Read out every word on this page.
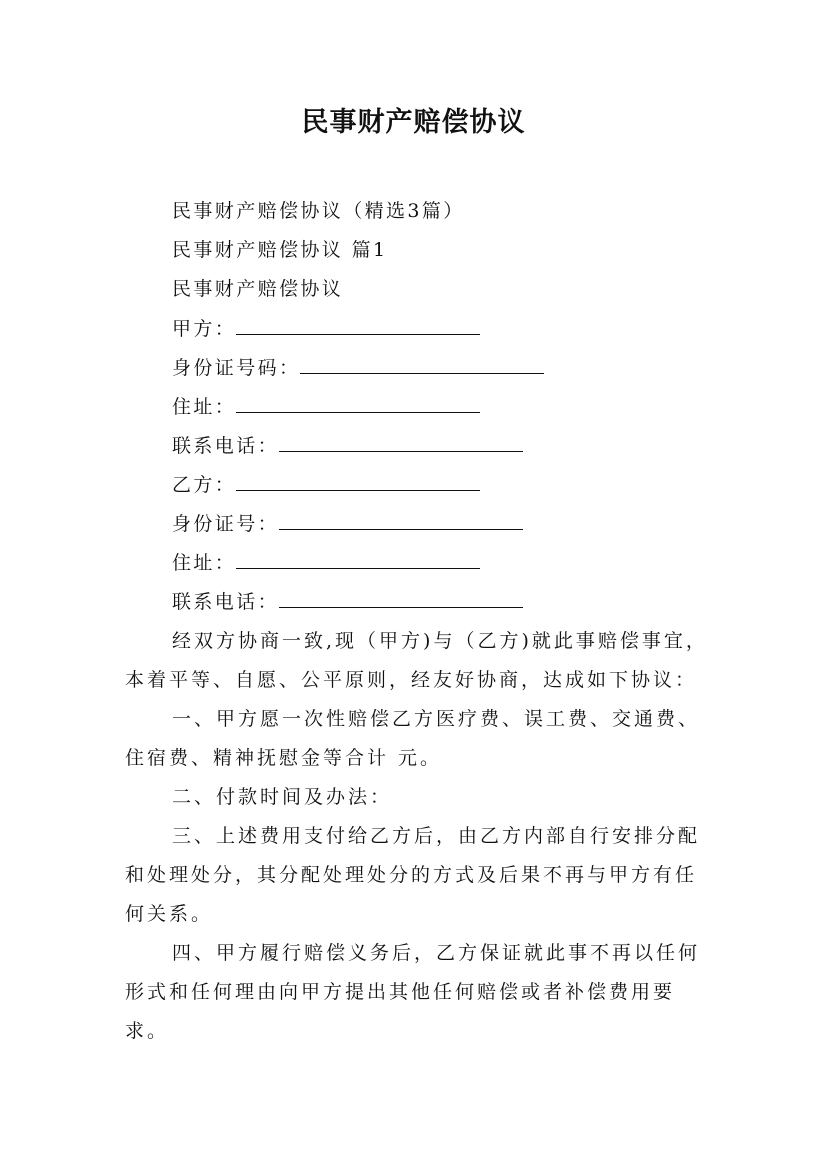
民事财产赔偿协议
民事财产赔偿协议（精选3篇）
民事财产赔偿协议 篇1
民事财产赔偿协议
甲方：
身份证号码：
住址：
联系电话：
乙方：
身份证号：
住址：
联系电话：
经双方协商一致,现（甲方)与（乙方)就此事赔偿事宜，本着平等、自愿、公平原则，经友好协商，达成如下协议：
一、甲方愿一次性赔偿乙方医疗费、误工费、交通费、住宿费、精神抚慰金等合计 元。
二、付款时间及办法：
三、上述费用支付给乙方后，由乙方内部自行安排分配和处理处分，其分配处理处分的方式及后果不再与甲方有任何关系。
四、甲方履行赔偿义务后，乙方保证就此事不再以任何形式和任何理由向甲方提出其他任何赔偿或者补偿费用要求。
